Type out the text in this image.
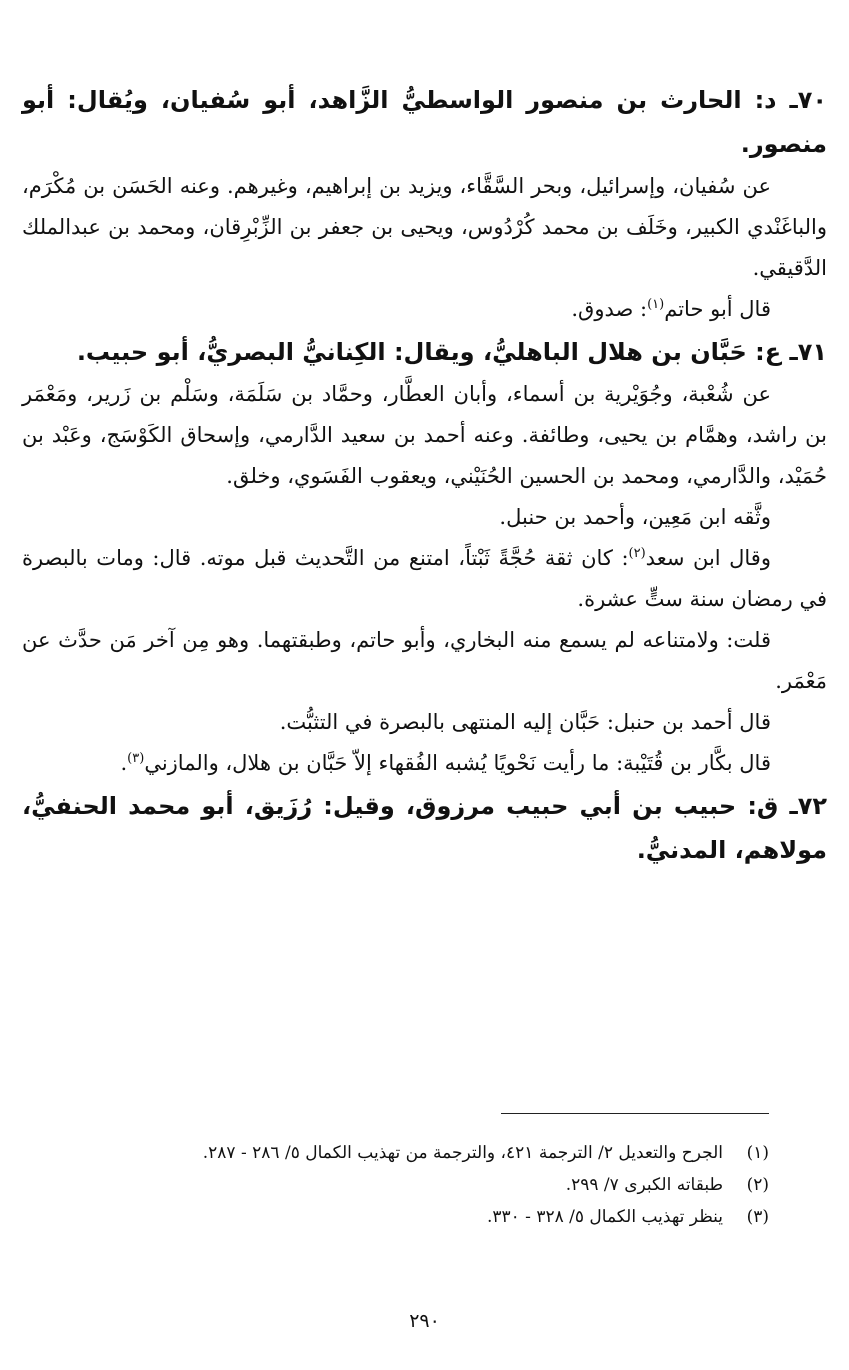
٧٠ـ د: الحارث بن منصور الواسطيُّ الزَّاهد، أبو سُفيان، ويُقال: أبو منصور.

عن سُفيان، وإسرائيل، وبحر السَّقَّاء، ويزيد بن إبراهيم، وغيرهم. وعنه الحَسَن بن مُكْرَم، والباغَنْدي الكبير، وخَلَف بن محمد كُرْدُوس، ويحيى بن جعفر بن الزِّبْرِقان، ومحمد بن عبدالملك الدَّقيقي.

قال أبو حاتم$^{(١)}$: صدوق.

٧١ـ ع: حَبَّان بن هلال الباهليُّ، ويقال: الكِنانيُّ البصريُّ، أبو حبيب.

عن شُعْبة، وجُوَيْرية بن أسماء، وأبان العطَّار، وحمَّاد بن سَلَمَة، وسَلْم بن زَرير، ومَعْمَر بن راشد، وهمَّام بن يحيى، وطائفة. وعنه أحمد بن سعيد الدَّارمي، وإسحاق الكَوْسَج، وعَبْد بن حُمَيْد، والدَّارمي، ومحمد بن الحسين الحُنَيْني، ويعقوب الفَسَوي، وخلق.

وثَّقه ابن مَعِين، وأحمد بن حنبل.

وقال ابن سعد$^{(٢)}$: كان ثقة حُجَّةً ثَبْتاً، امتنع من التَّحديث قبل موته. قال: ومات بالبصرة في رمضان سنة ستٍّ عشرة.

قلت: ولامتناعه لم يسمع منه البخاري، وأبو حاتم، وطبقتهما. وهو مِن آخر مَن حدَّث عن مَعْمَر.

قال أحمد بن حنبل: حَبَّان إليه المنتهى بالبصرة في التثبُّت.

قال بكَّار بن قُتَيْبة: ما رأيت نَحْويًا يُشبه الفُقهاء إلاّ حَبَّان بن هلال، والمازني$^{(٣)}$.

٧٢ـ ق: حبيب بن أبي حبيب مرزوق، وقيل: رُزَيق، أبو محمد الحنفيُّ، مولاهم، المدنيُّ.

(١)الجرح والتعديل ٢/ الترجمة ٤٢١، والترجمة من تهذيب الكمال ٥/ ٢٨٦ - ٢٨٧.

(٢)طبقاته الكبرى ٧/ ٢٩٩.

(٣)ينظر تهذيب الكمال ٥/ ٣٢٨ - ٣٣٠.

٢٩٠
